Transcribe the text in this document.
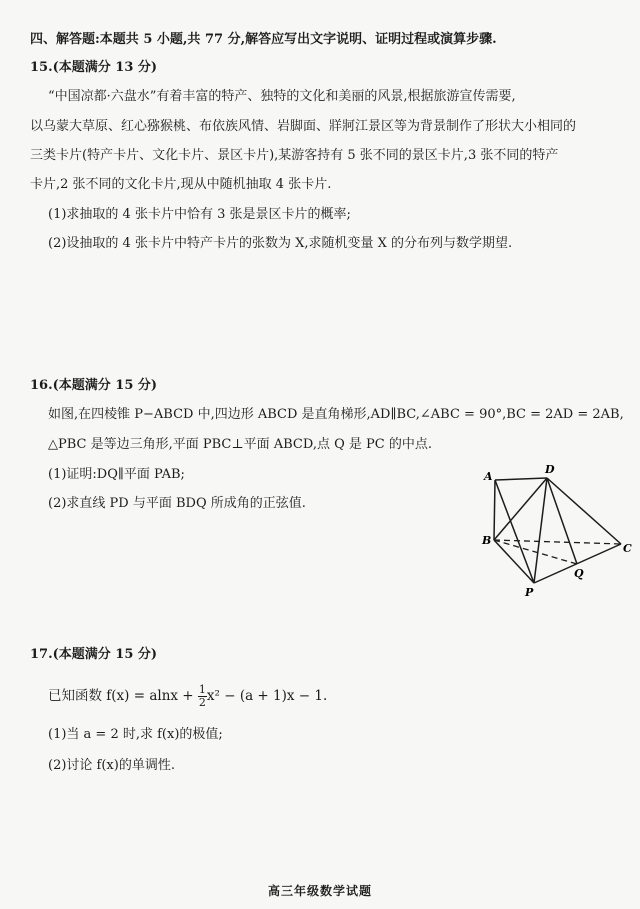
四、解答题:本题共 5 小题,共 77 分,解答应写出文字说明、证明过程或演算步骤.
15.(本题满分 13 分)
“中国凉都·六盘水”有着丰富的特产、独特的文化和美丽的风景,根据旅游宣传需要,
以乌蒙大草原、红心猕猴桃、布依族风情、岩脚面、牂牁江景区等为背景制作了形状大小相同的
三类卡片(特产卡片、文化卡片、景区卡片),某游客持有 5 张不同的景区卡片,3 张不同的特产
卡片,2 张不同的文化卡片,现从中随机抽取 4 张卡片.
(1)求抽取的 4 张卡片中恰有 3 张是景区卡片的概率;
(2)设抽取的 4 张卡片中特产卡片的张数为 X,求随机变量 X 的分布列与数学期望.
16.(本题满分 15 分)
如图,在四棱锥 P−ABCD 中,四边形 ABCD 是直角梯形,AD∥BC,∠ABC = 90°,BC = 2AD = 2AB,
△PBC 是等边三角形,平面 PBC⊥平面 ABCD,点 Q 是 PC 的中点.
(1)证明:DQ∥平面 PAB;
(2)求直线 PD 与平面 BDQ 所成角的正弦值.
A
D
B
C
Q
P
17.(本题满分 15 分)
已知函数 $f(x) = alnx + \frac{1}{2} x^2 - (a + 1)x - 1$.
(1)当 a = 2 时,求 f(x)的极值;
(2)讨论 f(x)的单调性.
高三年级数学试题
